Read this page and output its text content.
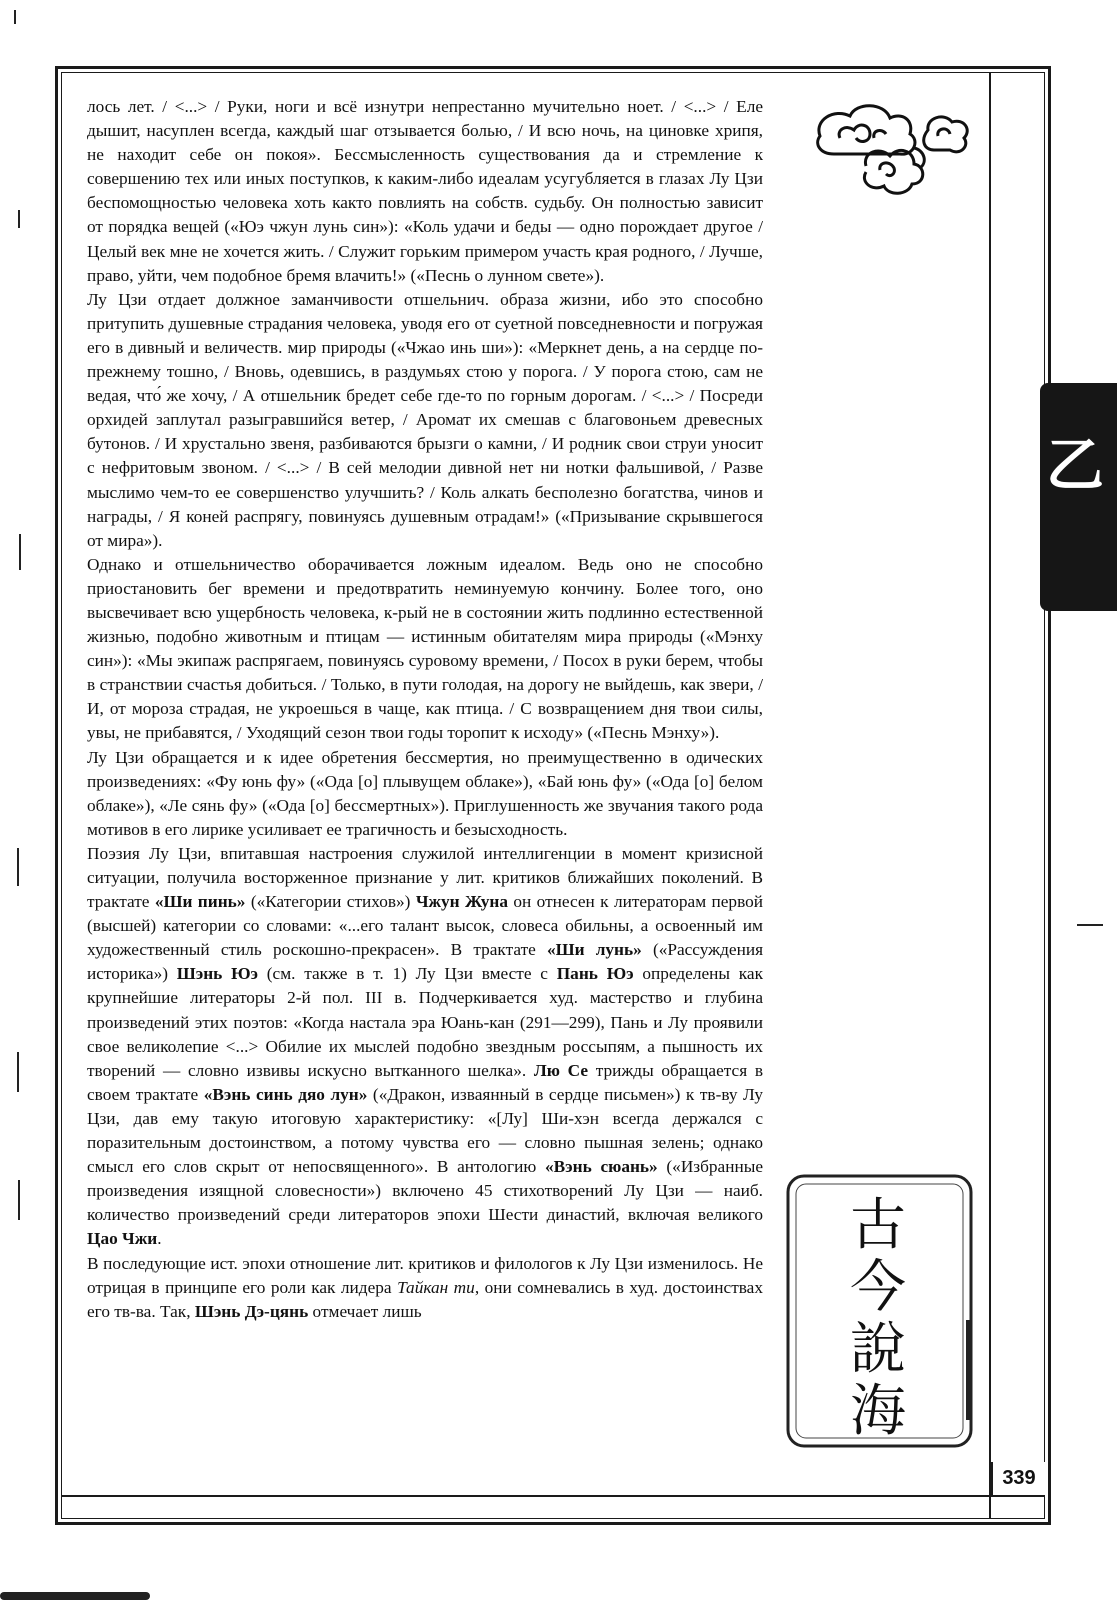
339
乙
古
今
說
海

лось лет. / <...> / Руки, ноги и всё изнутри непрестанно мучительно ноет. / <...> / Еле дышит, насуплен всегда, каждый шаг отзывается болью, / И всю ночь, на циновке хрипя, не находит себе он покоя». Бессмысленность существования да и стремление к совершению тех или иных поступков, к каким-либо идеалам усугубляется в глазах Лу Цзи беспомощностью человека хоть както повлиять на собств. судьбу. Он полностью зависит от порядка вещей («Юэ чжун лунь син»): «Коль удачи и беды — одно порождает другое / Целый век мне не хочется жить. / Служит горьким примером участь края родного, / Лучше, право, уйти, чем подобное бремя влачить!» («Песнь о лунном свете»).

Лу Цзи отдает должное заманчивости отшельнич. образа жизни, ибо это способно притупить душевные страдания человека, уводя его от суетной повседневности и погружая его в дивный и величеств. мир природы («Чжао инь ши»): «Меркнет день, а на сердце по-прежнему тошно, / Вновь, одевшись, в раздумьях стою у порога. / У порога стою, сам не ведая, что́ же хочу, / А отшельник бредет себе где-то по горным дорогам. / <...> / Посреди орхидей заплутал разыгравшийся ветер, / Аромат их смешав с благовоньем древесных бутонов. / И хрустально звеня, разбиваются брызги о камни, / И родник свои струи уносит с нефритовым звоном. / <...> / В сей мелодии дивной нет ни нотки фальшивой, / Разве мыслимо чем-то ее совершенство улучшить? / Коль алкать бесполезно богатства, чинов и награды, / Я коней распрягу, повинуясь душевным отрадам!» («Призывание скрывшегося от мира»).

Однако и отшельничество оборачивается ложным идеалом. Ведь оно не способно приостановить бег времени и предотвратить неминуемую кончину. Более того, оно высвечивает всю ущербность человека, к-рый не в состоянии жить подлинно естественной жизнью, подобно животным и птицам — истинным обитателям мира природы («Мэнху син»): «Мы экипаж распрягаем, повинуясь суровому времени, / Посох в руки берем, чтобы в странствии счастья добиться. / Только, в пути голодая, на дорогу не выйдешь, как звери, / И, от мороза страдая, не укроешься в чаще, как птица. / С возвращением дня твои силы, увы, не прибавятся, / Уходящий сезон твои годы торопит к исходу» («Песнь Мэнху»).

Лу Цзи обращается и к идее обретения бессмертия, но преимущественно в одических произведениях: «Фу юнь фу» («Ода [о] плывущем облаке»), «Бай юнь фу» («Ода [о] белом облаке»), «Ле сянь фу» («Ода [о] бессмертных»). Приглушенность же звучания такого рода мотивов в его лирике усиливает ее трагичность и безысходность.

Поэзия Лу Цзи, впитавшая настроения служилой интеллигенции в момент кризисной ситуации, получила восторженное признание у лит. критиков ближайших поколений. В трактате «Ши пинь» («Категории стихов») Чжун Жуна он отнесен к литераторам первой (высшей) категории со словами: «...его талант высок, словеса обильны, а освоенный им художественный стиль роскошно-прекрасен». В трактате «Ши лунь» («Рассуждения историка») Шэнь Юэ (см. также в т. 1) Лу Цзи вместе с Пань Юэ определены как крупнейшие литераторы 2-й пол. III в. Подчеркивается худ. мастерство и глубина произведений этих поэтов: «Когда настала эра Юань-кан (291—299), Пань и Лу проявили свое великолепие <...> Обилие их мыслей подобно звездным россыпям, а пышность их творений — словно извивы искусно вытканного шелка». Лю Се трижды обращается в своем трактате «Вэнь синь дяо лун» («Дракон, изваянный в сердце письмен») к тв-ву Лу Цзи, дав ему такую итоговую характеристику: «[Лу] Ши-хэн всегда держался с поразительным достоинством, а потому чувства его — словно пышная зелень; однако смысл его слов скрыт от непосвященного». В антологию «Вэнь сюань» («Избранные произведения изящной словесности») включено 45 стихотворений Лу Цзи — наиб. количество произведений среди литераторов эпохи Шести династий, включая великого Цао Чжи.

В последующие ист. эпохи отношение лит. критиков и филологов к Лу Цзи изменилось. Не отрицая в принципе его роли как лидера Тайкан ти, они сомневались в худ. достоинствах его тв-ва. Так, Шэнь Дэ-цянь отмечает лишь
